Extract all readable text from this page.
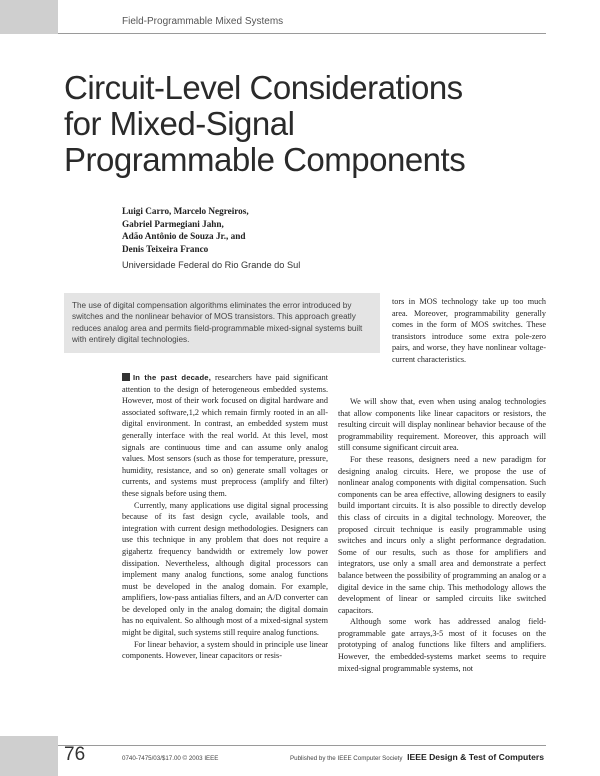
Field-Programmable Mixed Systems
Circuit-Level Considerations
for Mixed-Signal
Programmable Components
Luigi Carro, Marcelo Negreiros,
Gabriel Parmegiani Jahn,
Adão Antônio de Souza Jr., and
Denis Teixeira Franco
Universidade Federal do Rio Grande do Sul

The use of digital compensation algorithms eliminates the error introduced by switches and the nonlinear behavior of MOS transistors. This approach greatly reduces analog area and permits field-programmable mixed-signal systems built with entirely digital technologies.

tors in MOS technology take up too much area. Moreover, programmability generally comes in the form of MOS switches. These transistors introduce some extra pole-zero pairs, and worse, they have nonlinear voltage-current characteristics.

In the past decade, researchers have paid significant attention to the design of heterogeneous embedded systems. However, most of their work focused on digital hardware and associated software,1,2 which remain firmly rooted in an all-digital environment. In contrast, an embedded system must generally interface with the real world. At this level, most signals are continuous time and can assume only analog values. Most sensors (such as those for temperature, pressure, humidity, resistance, and so on) generate small voltages or currents, and systems must preprocess (amplify and filter) these signals before using them.

Currently, many applications use digital signal processing because of its fast design cycle, available tools, and integration with current design methodologies. Designers can use this technique in any problem that does not require a gigahertz frequency bandwidth or extremely low power dissipation. Nevertheless, although digital processors can implement many analog functions, some analog functions must be developed in the analog domain. For example, amplifiers, low-pass antialias filters, and an A/D converter can be developed only in the analog domain; the digital domain has no equivalent. So although most of a mixed-signal system might be digital, such systems still require analog functions.

For linear behavior, a system should in principle use linear components. However, linear capacitors or resis-

We will show that, even when using analog technologies that allow components like linear capacitors or resistors, the resulting circuit will display nonlinear behavior because of the programmability requirement. Moreover, this approach will still consume significant circuit area.

For these reasons, designers need a new paradigm for designing analog circuits. Here, we propose the use of nonlinear analog components with digital compensation. Such components can be area effective, allowing designers to easily build important circuits. It is also possible to directly develop this class of circuits in a digital technology. Moreover, the proposed circuit technique is easily programmable using switches and incurs only a slight performance degradation. Some of our results, such as those for amplifiers and integrators, use only a small area and demonstrate a perfect balance between the possibility of programming an analog or a digital device in the same chip. This methodology allows the development of linear or sampled circuits like switched capacitors.

Although some work has addressed analog field-programmable gate arrays,3-5 most of it focuses on the prototyping of analog functions like filters and amplifiers. However, the embedded-systems market seems to require mixed-signal programmable systems, not

76	0740-7475/03/$17.00 © 2003 IEEE	Published by the IEEE Computer Society IEEE Design & Test of Computers
